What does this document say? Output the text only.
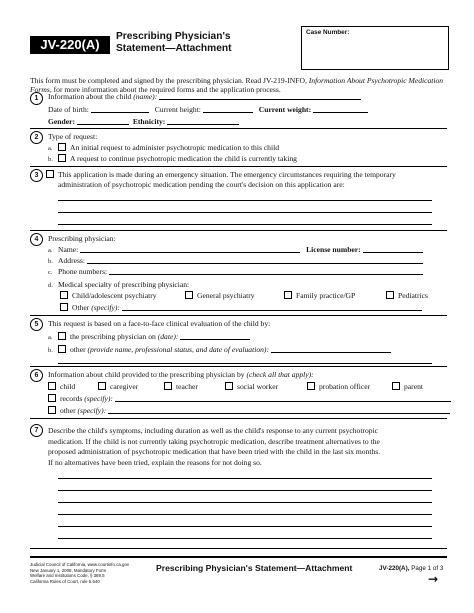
JV-220(A)
Prescribing Physician's
Statement—Attachment
Case Number:
This form must be completed and signed by the prescribing physician. Read JV-219-INFO, Information About Psychotropic Medication Forms, for more information about the required forms and the application process.
1	Information about the child (name):
Date of birth:	Current height:	Current weight:
Gender:	Ethnicity:
2	Type of request:
a. An initial request to administer psychotropic medication to this child
b. A request to continue psychotropic medication the child is currently taking
3	This application is made during an emergency situation. The emergency circumstances requiring the temporary
administration of psychotropic medication pending the court's decision on this application are:
4	Prescribing physician:
a. Name:	License number:
b. Address:
c. Phone numbers:
d. Medical specialty of prescribing physician:
Child/adolescent psychiatry	General psychiatry	Family practice/GP	Pediatrics
Other (specify):
5	This request is based on a face-to-face clinical evaluation of the child by:
a. the prescribing physician on (date):
b. other (provide name, professional status, and date of evaluation):
6	Information about child provided to the prescribing physician by (check all that apply):
child	caregiver	teacher	social worker	probation officer	parent
records (specify):
other (specify):
7	Describe the child's symptoms, including duration as well as the child's response to any current psychotropic
medication. If the child is not currently taking psychotropic medication, describe treatment alternatives to the
proposed administration of psychotropic medication that have been tried with the child in the last six months.
If no alternatives have been tried, explain the reasons for not doing so.
Judicial Council of California, www.courtinfo.ca.gov
New January 1, 2008, Mandatory Form
Welfare and Institutions Code, § 369.5
California Rules of Court, rule 5.640
Prescribing Physician's Statement—Attachment	JV-220(A), Page 1 of 3
→
